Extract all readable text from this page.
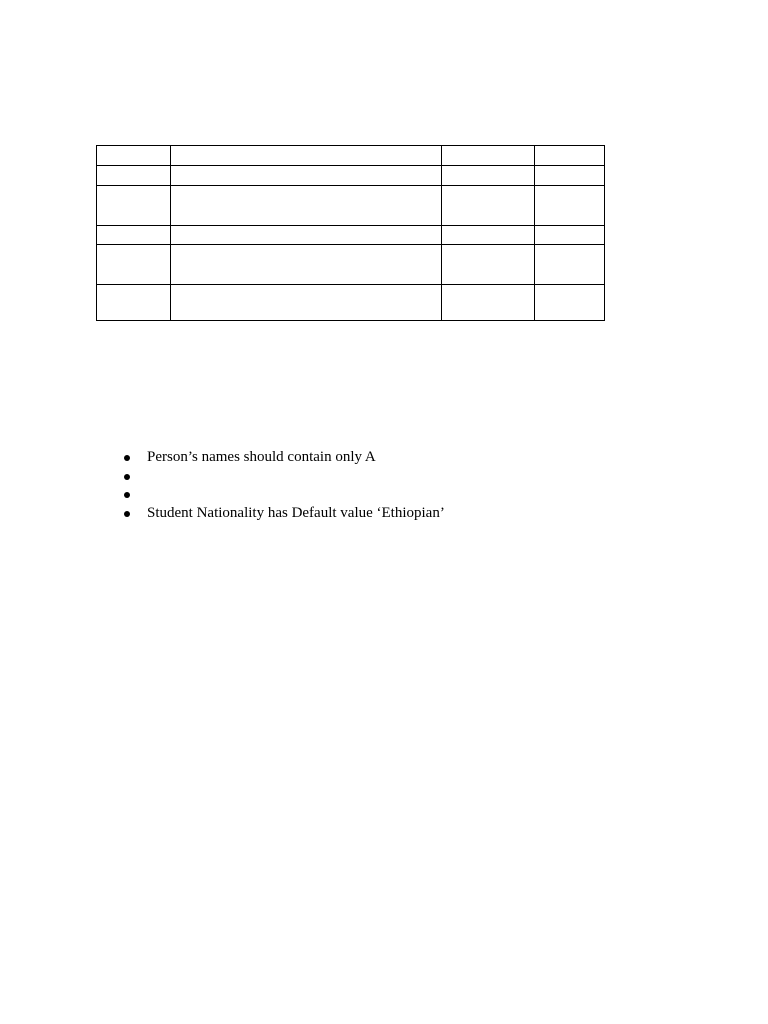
Person’s names should contain only A
Student Nationality has Default value ‘Ethiopian’
